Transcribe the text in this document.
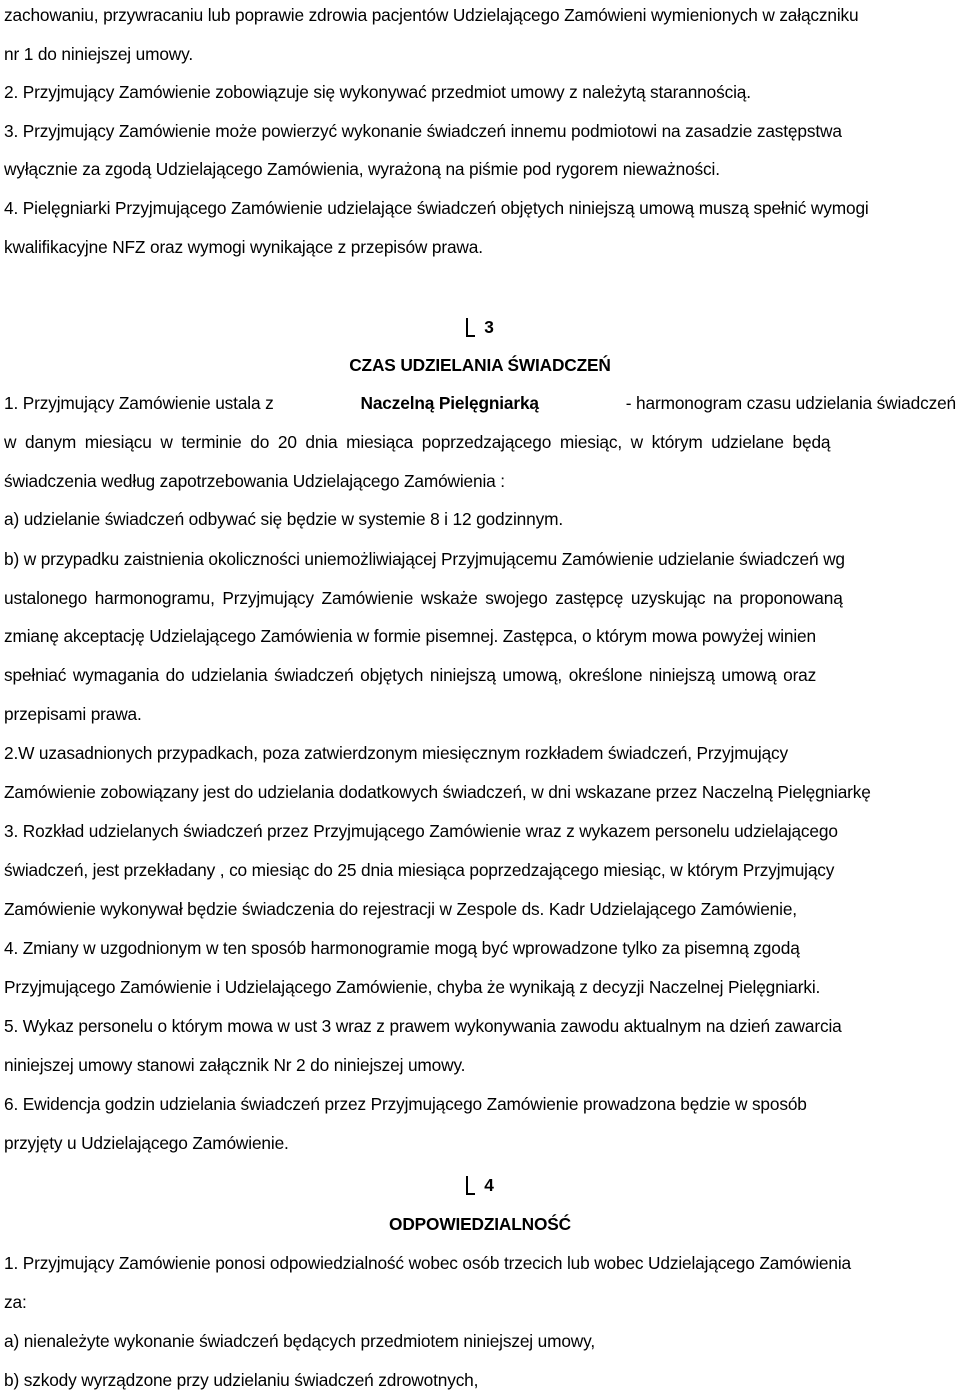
zachowaniu, przywracaniu lub poprawie zdrowia pacjentów Udzielającego Zamówieni wymienionych w załączniku
nr 1 do niniejszej umowy.
2. Przyjmujący Zamówienie zobowiązuje się wykonywać przedmiot umowy z należytą starannością.
3. Przyjmujący Zamówienie może powierzyć wykonanie świadczeń innemu podmiotowi na zasadzie zastępstwa
wyłącznie za zgodą Udzielającego Zamówienia, wyrażoną na piśmie pod rygorem nieważności.
4. Pielęgniarki Przyjmującego Zamówienie udzielające świadczeń objętych niniejszą umową muszą spełnić wymogi
kwalifikacyjne NFZ oraz wymogi wynikające z przepisów prawa.
3
CZAS UDZIELANIA ŚWIADCZEŃ
1. Przyjmujący Zamówienie ustala z	Naczelną Pielęgniarką	- harmonogram czasu udzielania świadczeń
w danym miesiącu w terminie do 20 dnia miesiąca poprzedzającego miesiąc, w którym udzielane będą
świadczenia według zapotrzebowania Udzielającego Zamówienia :
a) udzielanie świadczeń odbywać się będzie w systemie 8 i 12 godzinnym.
b) w przypadku zaistnienia okoliczności uniemożliwiającej Przyjmującemu Zamówienie udzielanie świadczeń wg
ustalonego harmonogramu, Przyjmujący Zamówienie wskaże swojego zastępcę uzyskując na proponowaną
zmianę akceptację Udzielającego Zamówienia w formie pisemnej. Zastępca, o którym mowa powyżej winien
spełniać wymagania do udzielania świadczeń objętych niniejszą umową, określone niniejszą umową oraz
przepisami prawa.
2.W uzasadnionych przypadkach, poza zatwierdzonym miesięcznym rozkładem świadczeń, Przyjmujący
Zamówienie zobowiązany jest do udzielania dodatkowych świadczeń, w dni wskazane przez Naczelną Pielęgniarkę
3. Rozkład udzielanych świadczeń przez Przyjmującego Zamówienie wraz z wykazem personelu udzielającego
świadczeń, jest przekładany , co miesiąc do 25 dnia miesiąca poprzedzającego miesiąc, w którym Przyjmujący
Zamówienie wykonywał będzie świadczenia do rejestracji w Zespole ds. Kadr Udzielającego Zamówienie,
4. Zmiany w uzgodnionym w ten sposób harmonogramie mogą być wprowadzone tylko za pisemną zgodą
Przyjmującego Zamówienie i Udzielającego Zamówienie, chyba że wynikają z decyzji Naczelnej Pielęgniarki.
5. Wykaz personelu o którym mowa w ust 3 wraz z prawem wykonywania zawodu aktualnym na dzień zawarcia
niniejszej umowy stanowi załącznik Nr 2 do niniejszej umowy.
6. Ewidencja godzin udzielania świadczeń przez Przyjmującego Zamówienie prowadzona będzie w sposób
przyjęty u Udzielającego Zamówienie.
4
ODPOWIEDZIALNOŚĆ
1. Przyjmujący Zamówienie ponosi odpowiedzialność wobec osób trzecich lub wobec Udzielającego Zamówienia
za:
a) nienależyte wykonanie świadczeń będących przedmiotem niniejszej umowy,
b) szkody wyrządzone przy udzielaniu świadczeń zdrowotnych,
